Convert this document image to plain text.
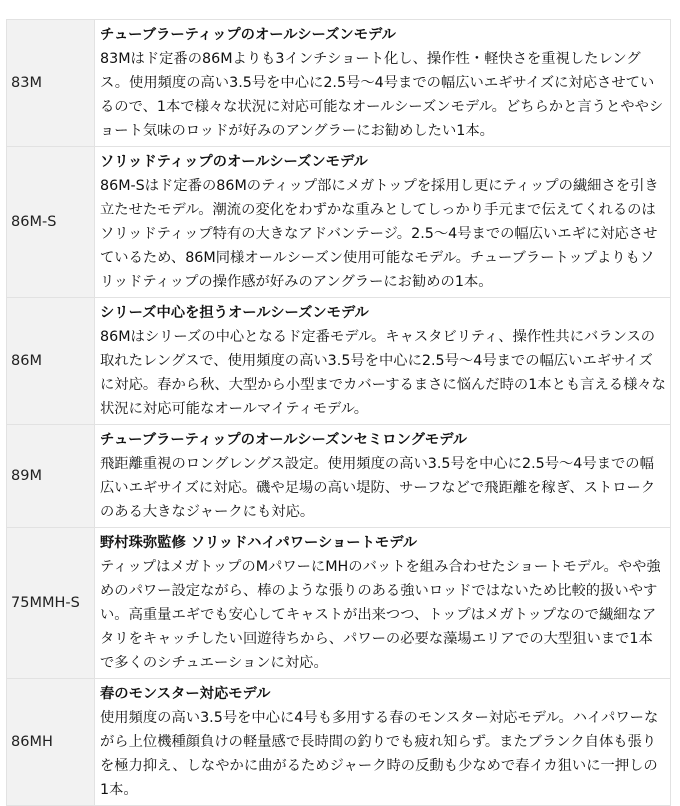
83M	チューブラーティップのオールシーズンモデル
83Mはド定番の86Mよりも3インチショート化し、操作性・軽快さを重視したレングス。使用頻度の高い3.5号を中心に2.5号～4号までの幅広いエギサイズに対応させているので、1本で様々な状況に対応可能なオールシーズンモデル。どちらかと言うとややショート気味のロッドが好みのアングラーにお勧めしたい1本。

86M-S	ソリッドティップのオールシーズンモデル
86M-Sはド定番の86Mのティップ部にメガトップを採用し更にティップの繊細さを引き立たせたモデル。潮流の変化をわずかな重みとしてしっかり手元まで伝えてくれるのはソリッドティップ特有の大きなアドバンテージ。2.5～4号までの幅広いエギに対応させているため、86M同様オールシーズン使用可能なモデル。チューブラートップよりもソリッドティップの操作感が好みのアングラーにお勧めの1本。

86M	シリーズ中心を担うオールシーズンモデル
86Mはシリーズの中心となるド定番モデル。キャスタビリティ、操作性共にバランスの取れたレングスで、使用頻度の高い3.5号を中心に2.5号～4号までの幅広いエギサイズに対応。春から秋、大型から小型までカバーするまさに悩んだ時の1本とも言える様々な状況に対応可能なオールマイティモデル。

89M	チューブラーティップのオールシーズンセミロングモデル
飛距離重視のロングレングス設定。使用頻度の高い3.5号を中心に2.5号～4号までの幅広いエギサイズに対応。磯や足場の高い堤防、サーフなどで飛距離を稼ぎ、ストロークのある大きなジャークにも対応。

75MMH-S	野村珠弥監修 ソリッドハイパワーショートモデル
ティップはメガトップのMパワーにMHのバットを組み合わせたショートモデル。やや強めのパワー設定ながら、棒のような張りのある強いロッドではないため比較的扱いやすい。高重量エギでも安心してキャストが出来つつ、トップはメガトップなので繊細なアタリをキャッチしたい回遊待ちから、パワーの必要な藻場エリアでの大型狙いまで1本で多くのシチュエーションに対応。

86MH	春のモンスター対応モデル
使用頻度の高い3.5号を中心に4号も多用する春のモンスター対応モデル。ハイパワーながら上位機種顔負けの軽量感で長時間の釣りでも疲れ知らず。またブランク自体も張りを極力抑え、しなやかに曲がるためジャーク時の反動も少なめで春イカ狙いに一押しの1本。
